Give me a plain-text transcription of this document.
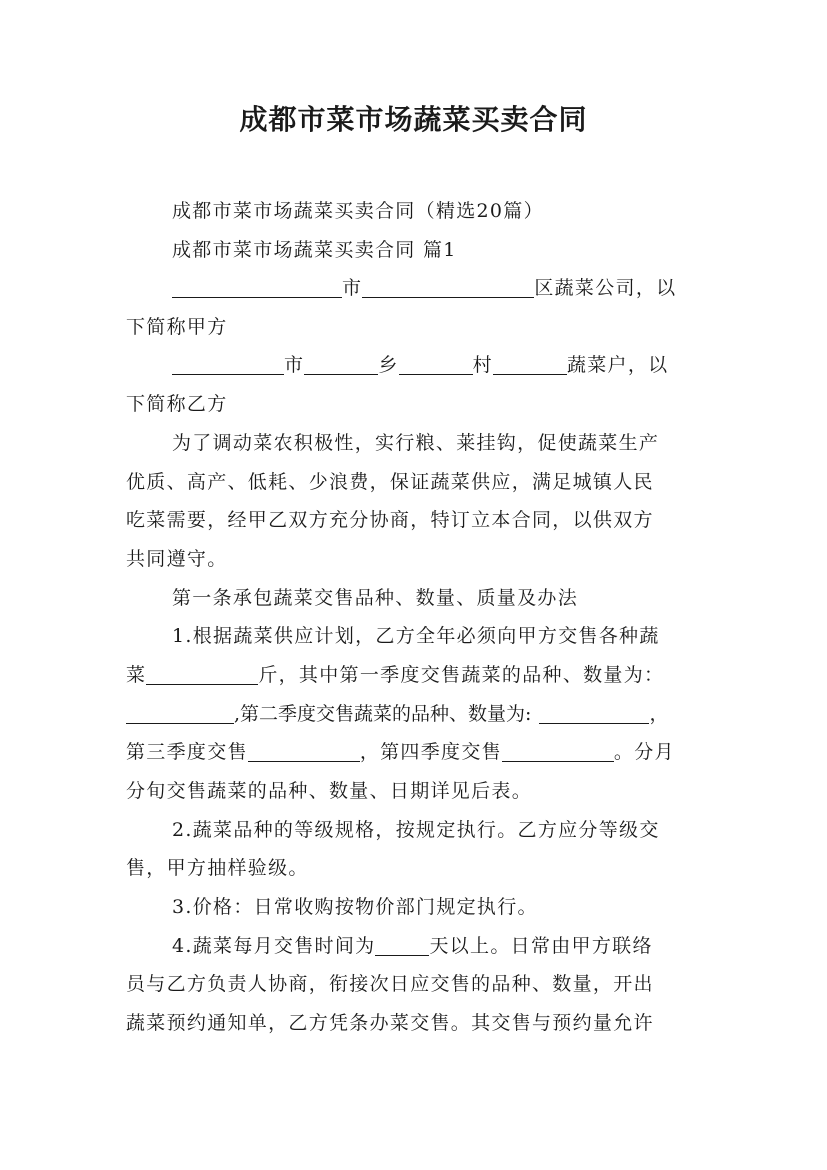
成都市菜市场蔬菜买卖合同
成都市菜市场蔬菜买卖合同（精选20篇）
成都市菜市场蔬菜买卖合同 篇1
市	区蔬菜公司，以
下简称甲方
市	乡	村	蔬菜户，以
下简称乙方
为了调动菜农积极性，实行粮、莱挂钩，促使蔬菜生产
优质、高产、低耗、少浪费，保证蔬菜供应，满足城镇人民
吃菜需要，经甲乙双方充分协商，特订立本合同，以供双方
共同遵守。
第一条承包蔬菜交售品种、数量、质量及办法
1.根据蔬菜供应计划，乙方全年必须向甲方交售各种蔬
菜	斤，其中第一季度交售蔬菜的品种、数量为：
,第二季度交售蔬菜的品种、数量为:	，
第三季度交售	，第四季度交售	。分月
分旬交售蔬菜的品种、数量、日期详见后表。
2.蔬菜品种的等级规格，按规定执行。乙方应分等级交
售，甲方抽样验级。
3.价格：日常收购按物价部门规定执行。
4.蔬菜每月交售时间为	天以上。日常由甲方联络
员与乙方负责人协商，衔接次日应交售的品种、数量，开出
蔬菜预约通知单，乙方凭条办菜交售。其交售与预约量允许
